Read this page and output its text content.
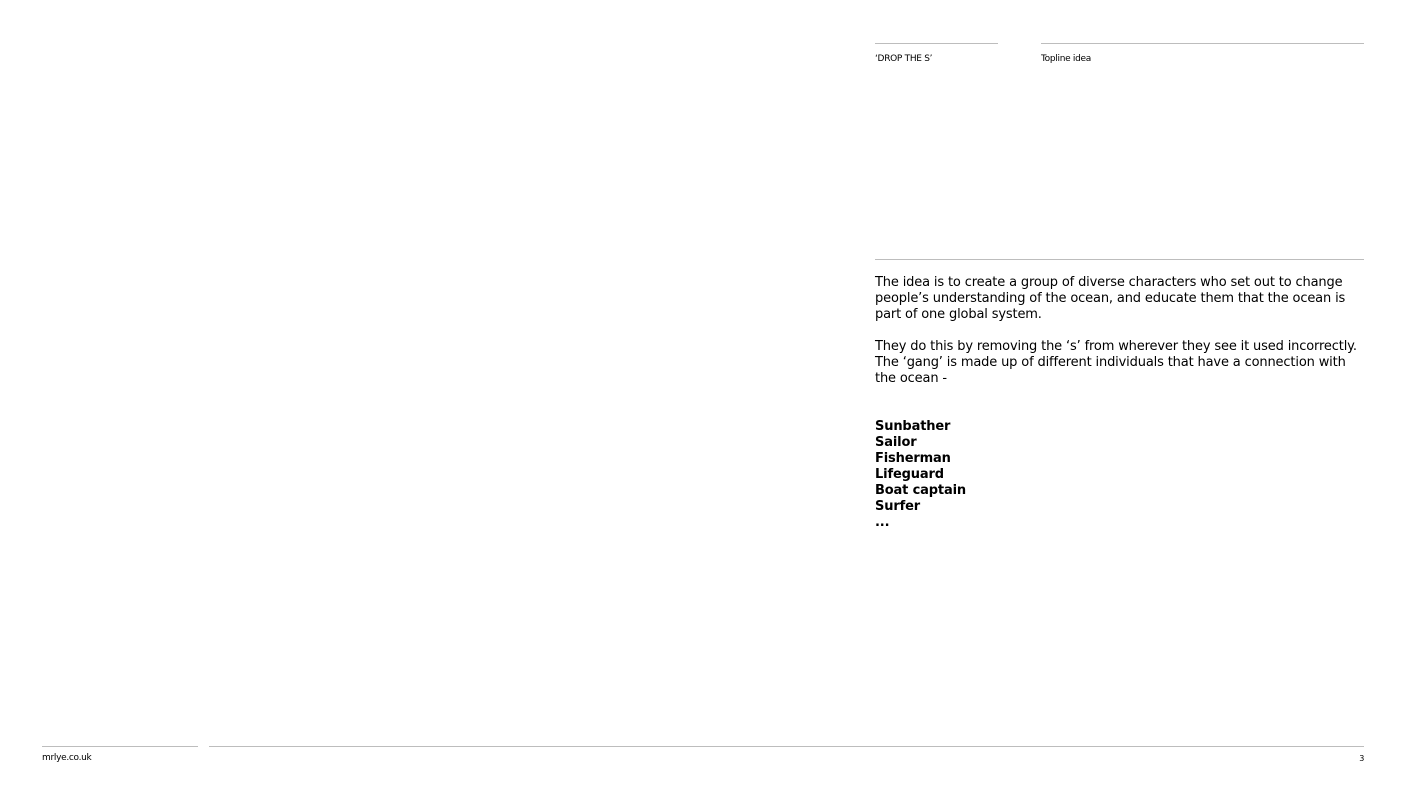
‘DROP THE S’	Topline idea

The idea is to create a group of diverse characters who set out to change people’s understanding of the ocean, and educate them that the ocean is part of one global system.

They do this by removing the ‘s’ from wherever they see it used incorrectly. The ‘gang’ is made up of different individuals that have a connection with the ocean -

Sunbather
Sailor
Fisherman
Lifeguard
Boat captain
Surfer
...
mrlye.co.uk	3
